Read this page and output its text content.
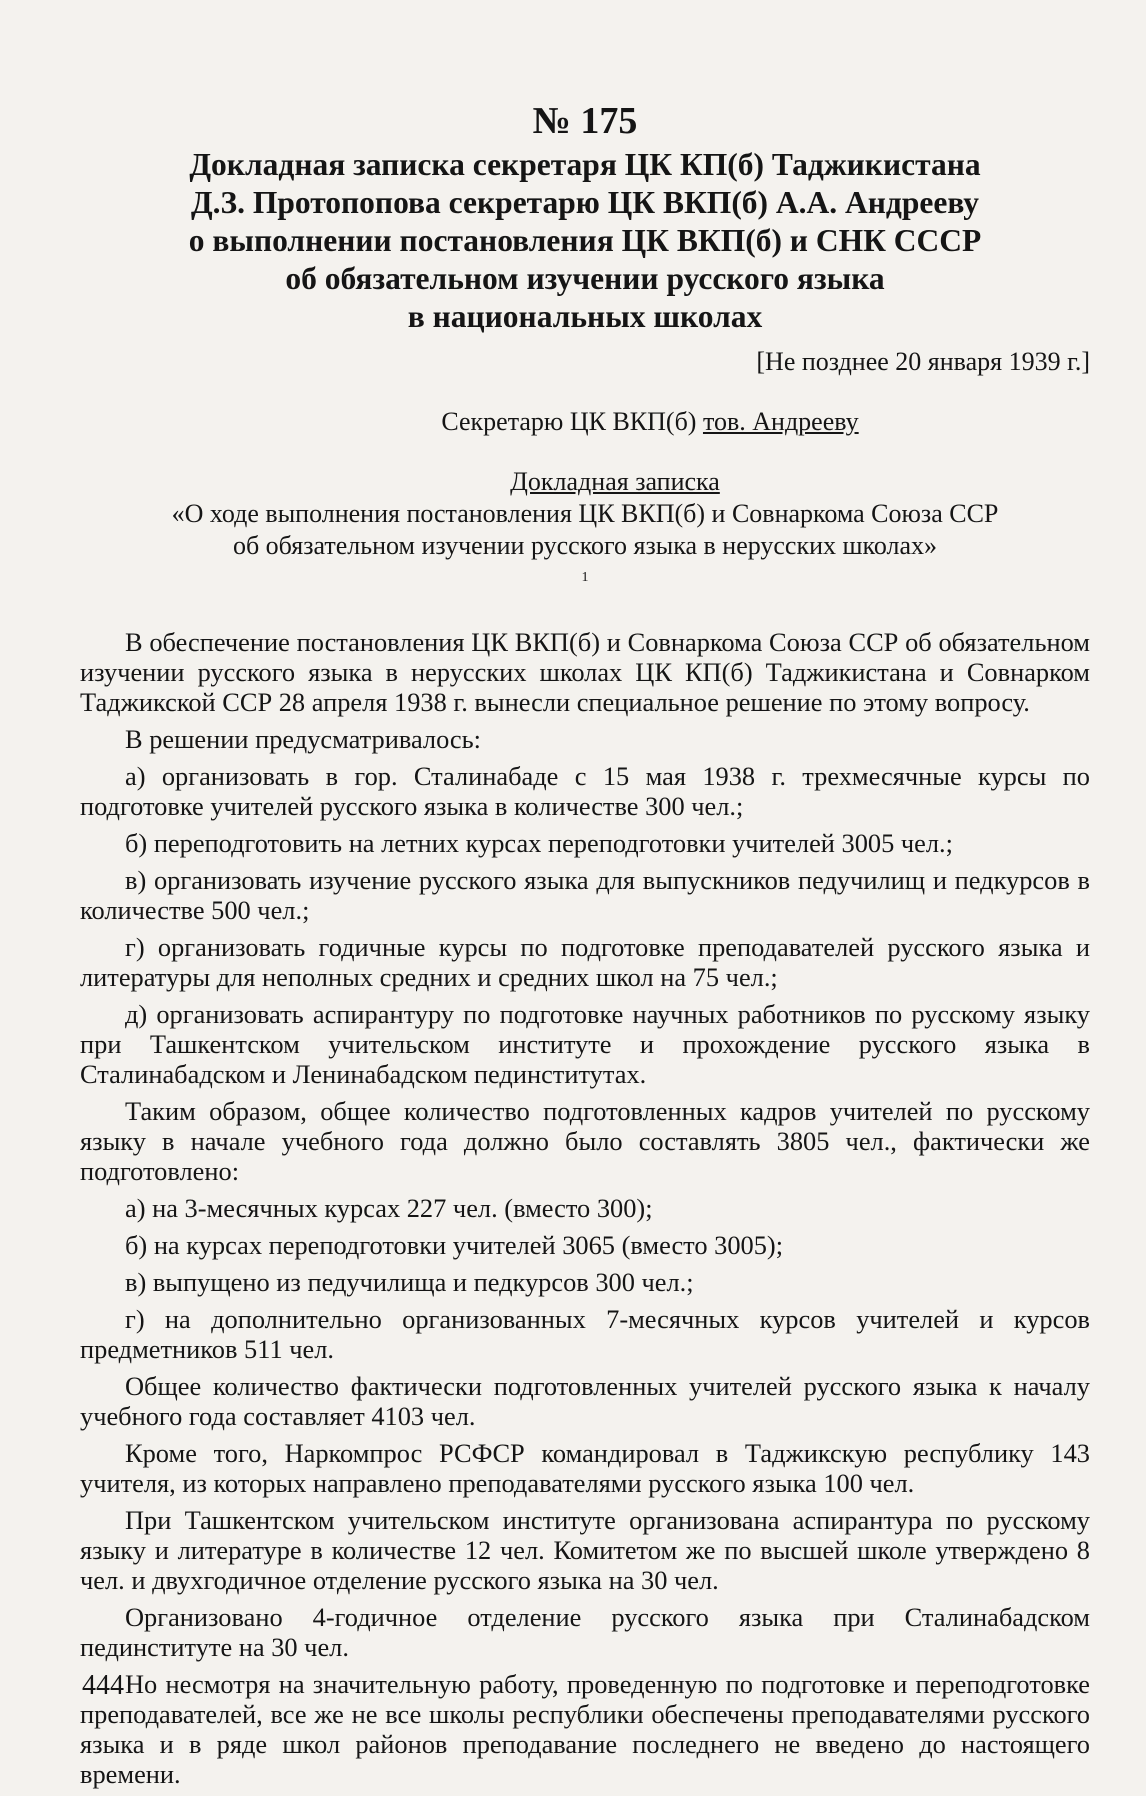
№ 175
Докладная записка секретаря ЦК КП(б) Таджикистана
Д.З. Протопопова секретарю ЦК ВКП(б) А.А. Андрееву
о выполнении постановления ЦК ВКП(б) и СНК СССР
об обязательном изучении русского языка
в национальных школах
[Не позднее 20 января 1939 г.]
Секретарю ЦК ВКП(б) тов. Андрееву
Докладная записка
«О ходе выполнения постановления ЦК ВКП(б) и Совнаркома Союза ССР
об обязательном изучении русского языка в нерусских школах»
$^1$

В обеспечение постановления ЦК ВКП(б) и Совнаркома Союза ССР об обязательном изучении русского языка в нерусских школах ЦК КП(б) Таджикистана и Совнарком Таджикской ССР 28 апреля 1938 г. вынесли специальное решение по этому вопросу.

В решении предусматривалось:

а) организовать в гор. Сталинабаде с 15 мая 1938 г. трехмесячные курсы по подготовке учителей русского языка в количестве 300 чел.;

б) переподготовить на летних курсах переподготовки учителей 3005 чел.;

в) организовать изучение русского языка для выпускников педучилищ и педкурсов в количестве 500 чел.;

г) организовать годичные курсы по подготовке преподавателей русского языка и литературы для неполных средних и средних школ на 75 чел.;

д) организовать аспирантуру по подготовке научных работников по русскому языку при Ташкентском учительском институте и прохождение русского языка в Сталинабадском и Ленинабадском пединститутах.

Таким образом, общее количество подготовленных кадров учителей по русскому языку в начале учебного года должно было составлять 3805 чел., фактически же подготовлено:

а) на 3-месячных курсах 227 чел. (вместо 300);

б) на курсах переподготовки учителей 3065 (вместо 3005);

в) выпущено из педучилища и педкурсов 300 чел.;

г) на дополнительно организованных 7-месячных курсов учителей и курсов предметников 511 чел.

Общее количество фактически подготовленных учителей русского языка к началу учебного года составляет 4103 чел.

Кроме того, Наркомпрос РСФСР командировал в Таджикскую республику 143 учителя, из которых направлено преподавателями русского языка 100 чел.

При Ташкентском учительском институте организована аспирантура по русскому языку и литературе в количестве 12 чел. Комитетом же по высшей школе утверждено 8 чел. и двухгодичное отделение русского языка на 30 чел.

Организовано 4-годичное отделение русского языка при Сталинабадском пединституте на 30 чел.

Но несмотря на значительную работу, проведенную по подготовке и переподготовке преподавателей, все же не все школы республики обеспечены преподавателями русского языка и в ряде школ районов преподавание последнего не введено до настоящего времени.

444
